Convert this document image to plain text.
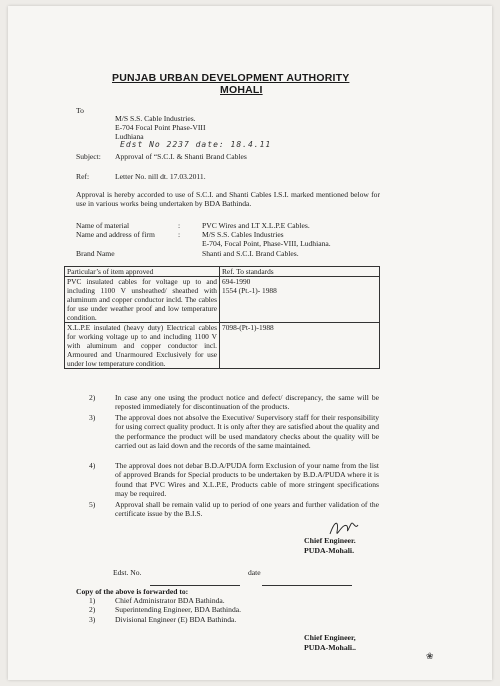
PUNJAB URBAN DEVELOPMENT AUTHORITY
MOHALI
To
M/S S.S. Cable Industries.
E-704 Focal Point Phase-VIII
Ludhiana
Edst No 2237 date: 18.4.11
Subject: Approval of “S.C.I. & Shanti Brand Cables
Ref:	Letter No. nill dt. 17.03.2011.
Approval is hereby accorded to use of S.C.I. and Shanti Cables I.S.I. marked mentioned below for use in various works being undertaken by BDA Bathinda.
Name of material	:	PVC Wires and LT X.L.P.E Cables.
Name and address of firm	:	M/S S.S. Cables Industries
E-704, Focal Point, Phase-VIII, Ludhiana.
Brand Name	Shanti and S.C.I. Brand Cables.
Particular’s of item approved	Ref. To standards
PVC insulated cables for voltage up to and including 1100 V unsheathed/ sheathed with aluminum and copper conductor incld. The cables for use under weather proof and low temperature condition.	694-1990
1554 (Pt.-1)- 1988

X.L.P.E insulated (heavy duty) Electrical cables for working voltage up to and including 1100 V with aluminum and copper conductor incl. Armoured and Unarmoured Exclusively for use under low temperature condition.	7098-(Pt-1)-1988
2)	In case any one using the product notice and defect/ discrepancy, the same will be reposted immediately for discontinuation of the products.
3)	The approval does not absolve the Executive/ Supervisory staff for their responsibility for using correct quality product. It is only after they are satisfied about the quality and the performance the product will be used mandatory checks about the quality will be carried out as laid down and the records of the same maintained.
4)	The approval does not debar B.D.A/PUDA form Exclusion of your name from the list of approved Brands for Special products to be undertaken by B.D.A/PUDA where it is found that PVC Wires and X.L.P.E, Products cable of more stringent specifications may be required.
5)	Approval shall be remain valid up to period of one years and further validation of the certificate issue by the B.I.S.
Chief Engineer.
PUDA-Mohali.
Edst. No.	date
Copy of the above is forwarded to:
1)	Chief Administrator BDA Bathinda.
2)	Superintending Engineer, BDA Bathinda.
3)	Divisional Engineer (E) BDA Bathinda.
Chief Engineer,
PUDA-Mohali..
❀
